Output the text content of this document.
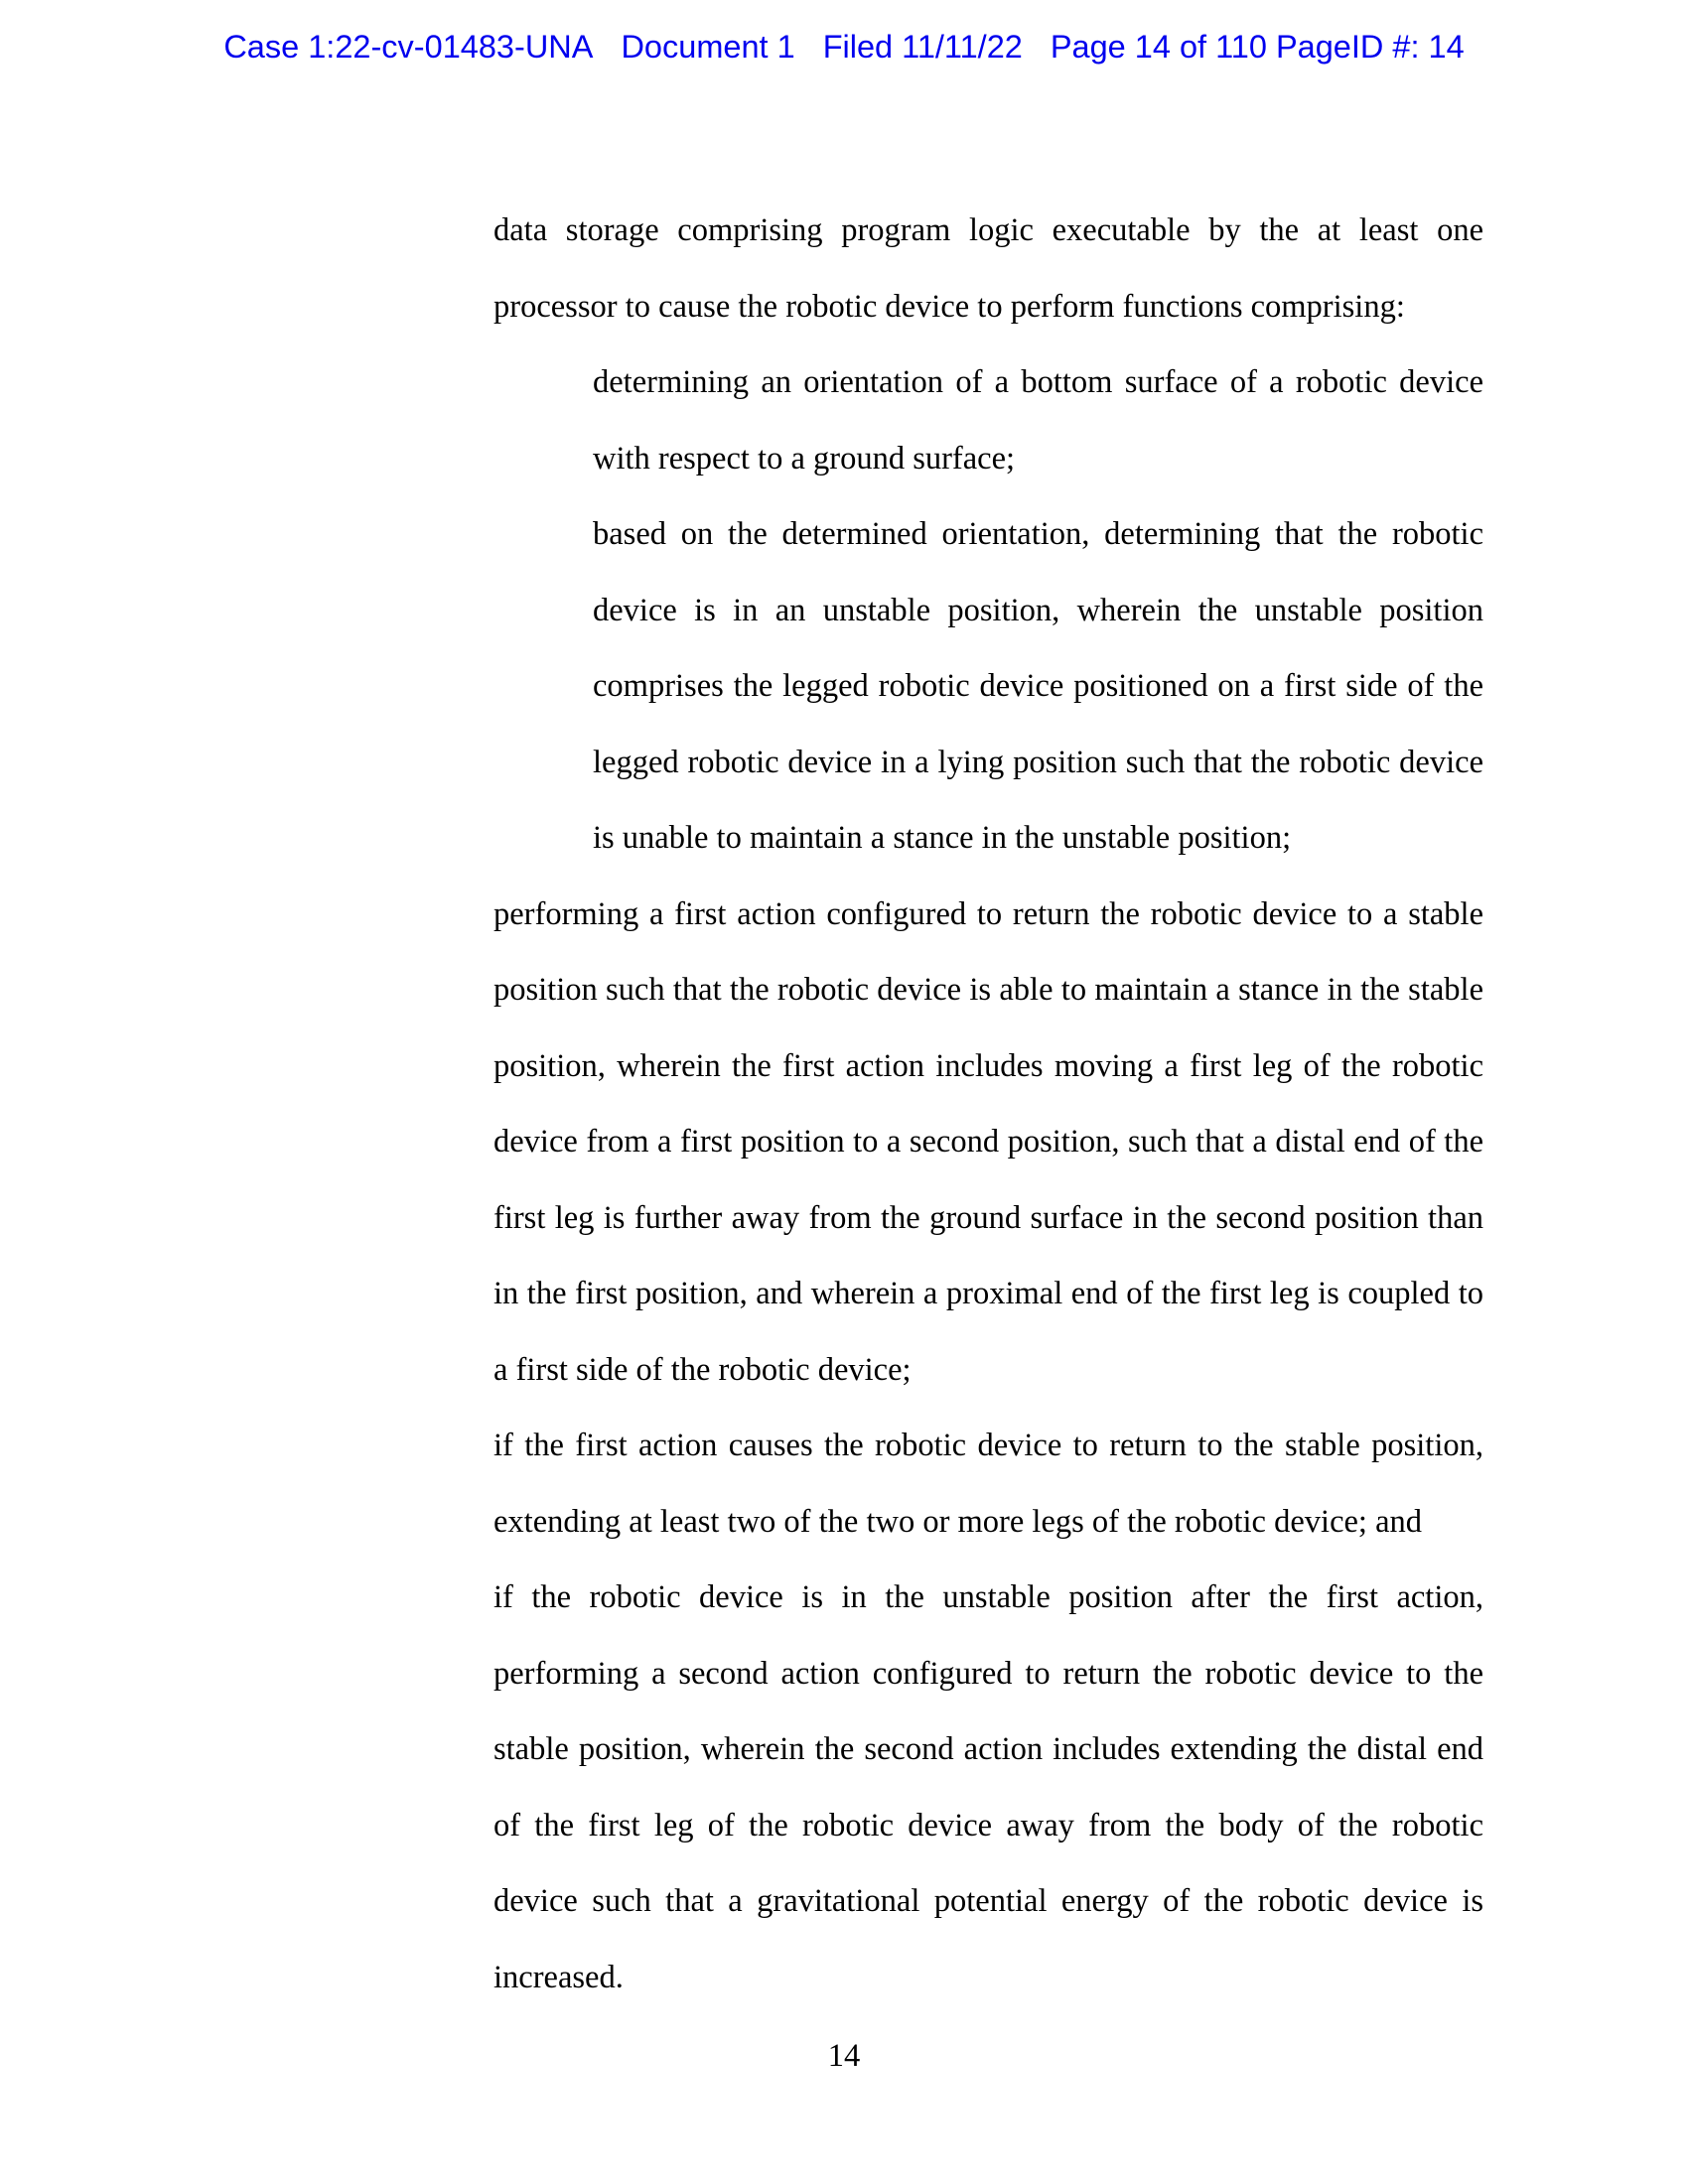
Case 1:22-cv-01483-UNA Document 1 Filed 11/11/22 Page 14 of 110 PageID #: 14

data storage comprising program logic executable by the at least one processor to cause the robotic device to perform functions comprising:

determining an orientation of a bottom surface of a robotic device with respect to a ground surface;

based on the determined orientation, determining that the robotic device is in an unstable position, wherein the unstable position comprises the legged robotic device positioned on a first side of the legged robotic device in a lying position such that the robotic device is unable to maintain a stance in the unstable position;

performing a first action configured to return the robotic device to a stable position such that the robotic device is able to maintain a stance in the stable position, wherein the first action includes moving a first leg of the robotic device from a first position to a second position, such that a distal end of the first leg is further away from the ground surface in the second position than in the first position, and wherein a proximal end of the first leg is coupled to a first side of the robotic device;

if the first action causes the robotic device to return to the stable position, extending at least two of the two or more legs of the robotic device; and

if the robotic device is in the unstable position after the first action, performing a second action configured to return the robotic device to the stable position, wherein the second action includes extending the distal end of the first leg of the robotic device away from the body of the robotic device such that a gravitational potential energy of the robotic device is increased.

14
